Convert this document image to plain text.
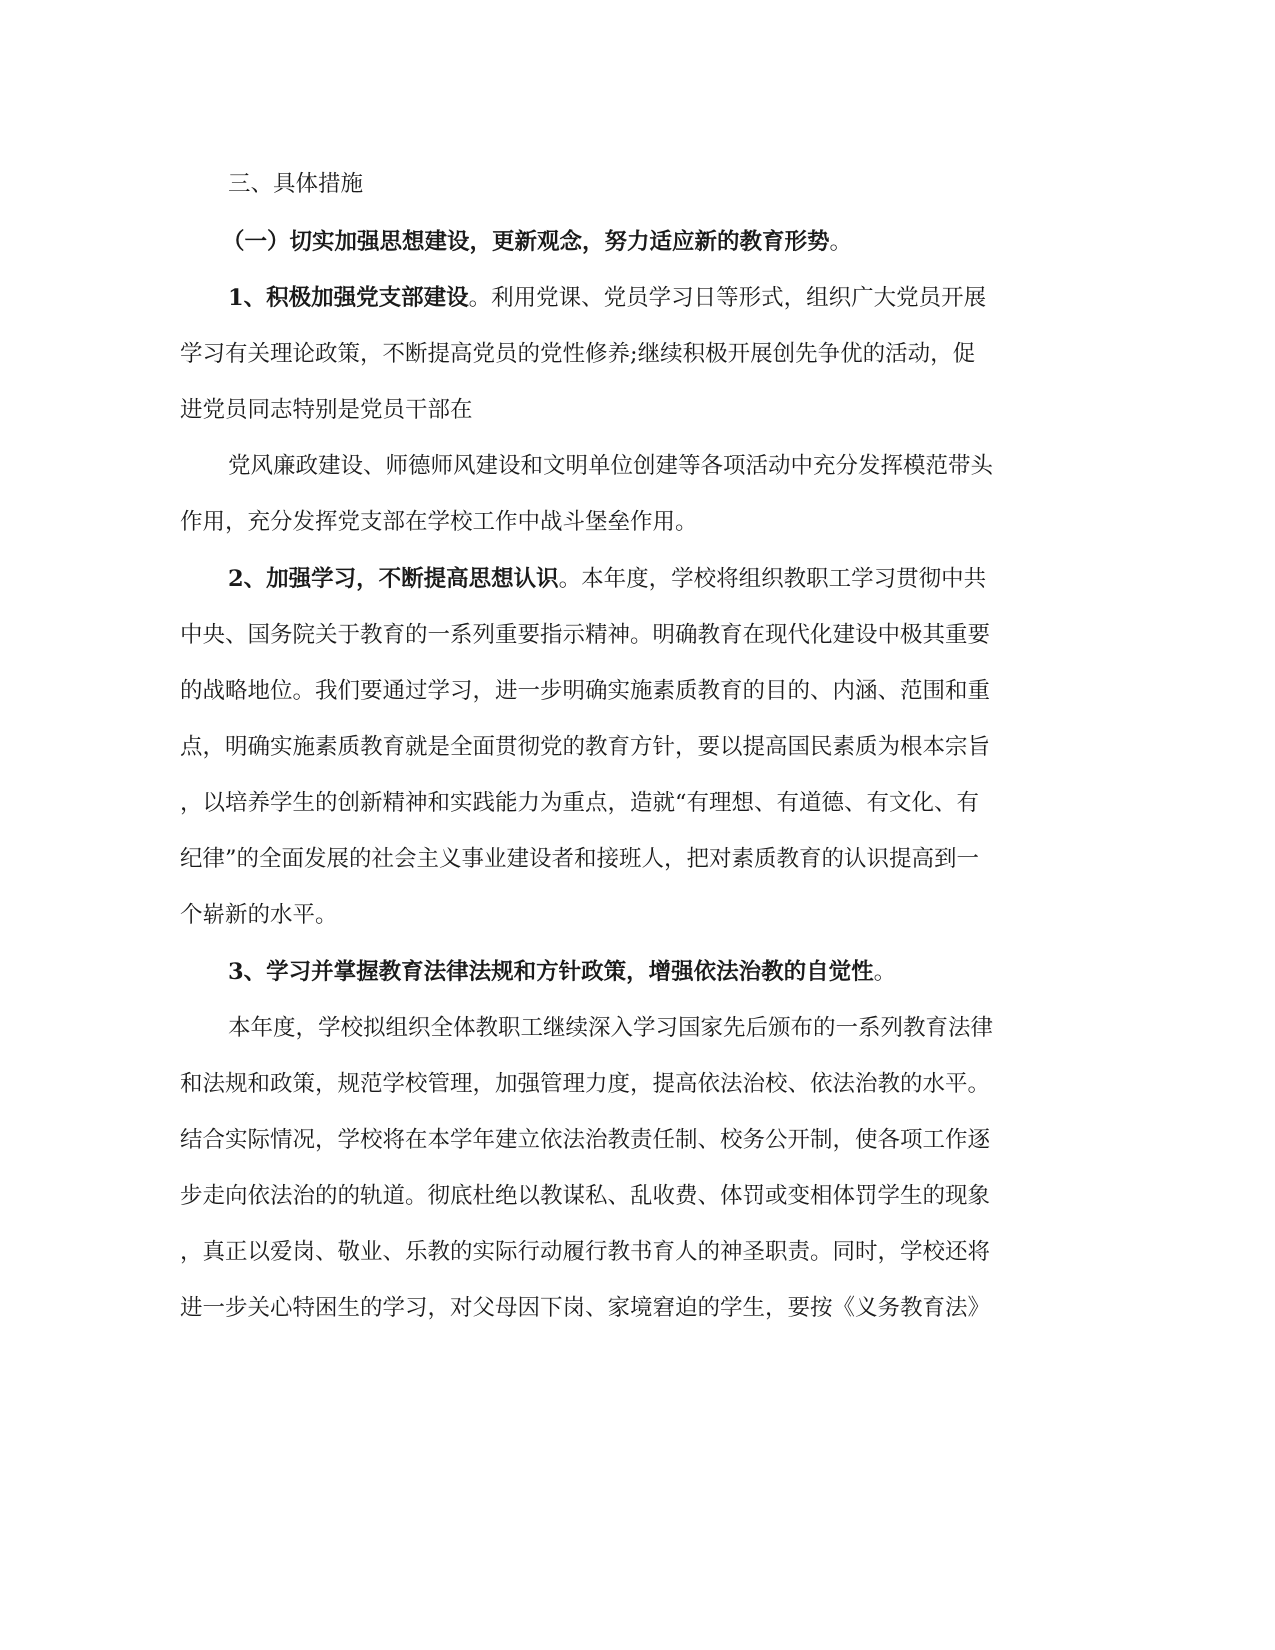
三、具体措施
（一）切实加强思想建设，更新观念，努力适应新的教育形势。
1、积极加强党支部建设。利用党课、党员学习日等形式，组织广大党员开展
学习有关理论政策，不断提高党员的党性修养;继续积极开展创先争优的活动，促
进党员同志特别是党员干部在
党风廉政建设、师德师风建设和文明单位创建等各项活动中充分发挥模范带头
作用，充分发挥党支部在学校工作中战斗堡垒作用。
2、加强学习，不断提高思想认识。本年度，学校将组织教职工学习贯彻中共
中央、国务院关于教育的一系列重要指示精神。明确教育在现代化建设中极其重要
的战略地位。我们要通过学习，进一步明确实施素质教育的目的、内涵、范围和重
点，明确实施素质教育就是全面贯彻党的教育方针，要以提高国民素质为根本宗旨
，以培养学生的创新精神和实践能力为重点，造就“有理想、有道德、有文化、有
纪律”的全面发展的社会主义事业建设者和接班人，把对素质教育的认识提高到一
个崭新的水平。
3、学习并掌握教育法律法规和方针政策，增强依法治教的自觉性。
本年度，学校拟组织全体教职工继续深入学习国家先后颁布的一系列教育法律
和法规和政策，规范学校管理，加强管理力度，提高依法治校、依法治教的水平。
结合实际情况，学校将在本学年建立依法治教责任制、校务公开制，使各项工作逐
步走向依法治的的轨道。彻底杜绝以教谋私、乱收费、体罚或变相体罚学生的现象
，真正以爱岗、敬业、乐教的实际行动履行教书育人的神圣职责。同时，学校还将
进一步关心特困生的学习，对父母因下岗、家境窘迫的学生，要按《义务教育法》
